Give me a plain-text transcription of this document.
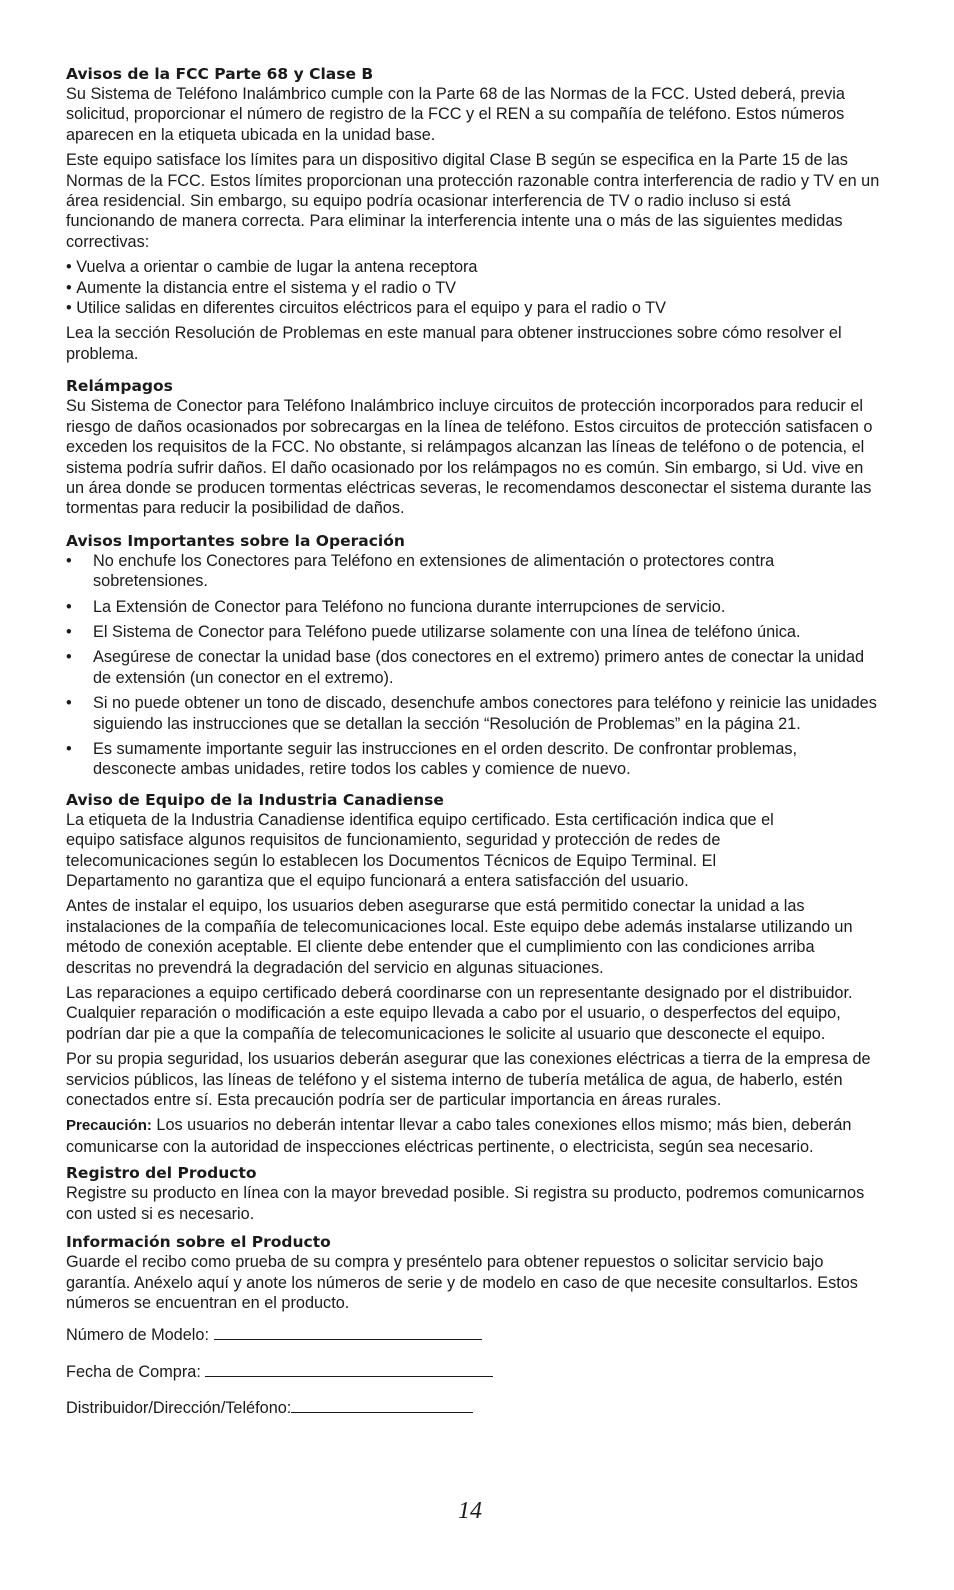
Avisos de la FCC Parte 68 y Clase B

Su Sistema de Teléfono Inalámbrico cumple con la Parte 68 de las Normas de la FCC. Usted deberá, previa solicitud, proporcionar el número de registro de la FCC y el REN a su compañía de teléfono. Estos números aparecen en la etiqueta ubicada en la unidad base.

Este equipo satisface los límites para un dispositivo digital Clase B según se especifica en la Parte 15 de las Normas de la FCC. Estos límites proporcionan una protección razonable contra interferencia de radio y TV en un área residencial. Sin embargo, su equipo podría ocasionar interferencia de TV o radio incluso si está funcionando de manera correcta. Para eliminar la interferencia intente una o más de las siguientes medidas correctivas:

• Vuelva a orientar o cambie de lugar la antena receptora
• Aumente la distancia entre el sistema y el radio o TV
• Utilice salidas en diferentes circuitos eléctricos para el equipo y para el radio o TV

Lea la sección Resolución de Problemas en este manual para obtener instrucciones sobre cómo resolver el problema.

Relámpagos

Su Sistema de Conector para Teléfono Inalámbrico incluye circuitos de protección incorporados para reducir el riesgo de daños ocasionados por sobrecargas en la línea de teléfono. Estos circuitos de protección satisfacen o exceden los requisitos de la FCC. No obstante, si relámpagos alcanzan las líneas de teléfono o de potencia, el sistema podría sufrir daños. El daño ocasionado por los relámpagos no es común. Sin embargo, si Ud. vive en un área donde se producen tormentas eléctricas severas, le recomendamos desconectar el sistema durante las tormentas para reducir la posibilidad de daños.

Avisos Importantes sobre la Operación
• No enchufe los Conectores para Teléfono en extensiones de alimentación o protectores contra sobretensiones.
• La Extensión de Conector para Teléfono no funciona durante interrupciones de servicio.
• El Sistema de Conector para Teléfono puede utilizarse solamente con una línea de teléfono única.
• Asegúrese de conectar la unidad base (dos conectores en el extremo) primero antes de conectar la unidad de extensión (un conector en el extremo).
• Si no puede obtener un tono de discado, desenchufe ambos conectores para teléfono y reinicie las unidades siguiendo las instrucciones que se detallan la sección “Resolución de Problemas” en la página 21.
• Es sumamente importante seguir las instrucciones en el orden descrito. De confrontar problemas, desconecte ambas unidades, retire todos los cables y comience de nuevo.
Aviso de Equipo de la Industria Canadiense

La etiqueta de la Industria Canadiense identifica equipo certificado. Esta certificación indica que el equipo satisface algunos requisitos de funcionamiento, seguridad y protección de redes de telecomunicaciones según lo establecen los Documentos Técnicos de Equipo Terminal. El Departamento no garantiza que el equipo funcionará a entera satisfacción del usuario.

Antes de instalar el equipo, los usuarios deben asegurarse que está permitido conectar la unidad a las instalaciones de la compañía de telecomunicaciones local. Este equipo debe además instalarse utilizando un método de conexión aceptable. El cliente debe entender que el cumplimiento con las condiciones arriba descritas no prevendrá la degradación del servicio en algunas situaciones.

Las reparaciones a equipo certificado deberá coordinarse con un representante designado por el distribuidor. Cualquier reparación o modificación a este equipo llevada a cabo por el usuario, o desperfectos del equipo, podrían dar pie a que la compañía de telecomunicaciones le solicite al usuario que desconecte el equipo.

Por su propia seguridad, los usuarios deberán asegurar que las conexiones eléctricas a tierra de la empresa de servicios públicos, las líneas de teléfono y el sistema interno de tubería metálica de agua, de haberlo, estén conectados entre sí. Esta precaución podría ser de particular importancia en áreas rurales.

Precaución: Los usuarios no deberán intentar llevar a cabo tales conexiones ellos mismo; más bien, deberán comunicarse con la autoridad de inspecciones eléctricas pertinente, o electricista, según sea necesario.

Registro del Producto

Registre su producto en línea con la mayor brevedad posible. Si registra su producto, podremos comunicarnos con usted si es necesario.

Información sobre el Producto

Guarde el recibo como prueba de su compra y preséntelo para obtener repuestos o solicitar servicio bajo garantía. Anéxelo aquí y anote los números de serie y de modelo en caso de que necesite consultarlos. Estos números se encuentran en el producto.

Número de Modelo:
Fecha de Compra:
Distribuidor/Dirección/Teléfono:
14
